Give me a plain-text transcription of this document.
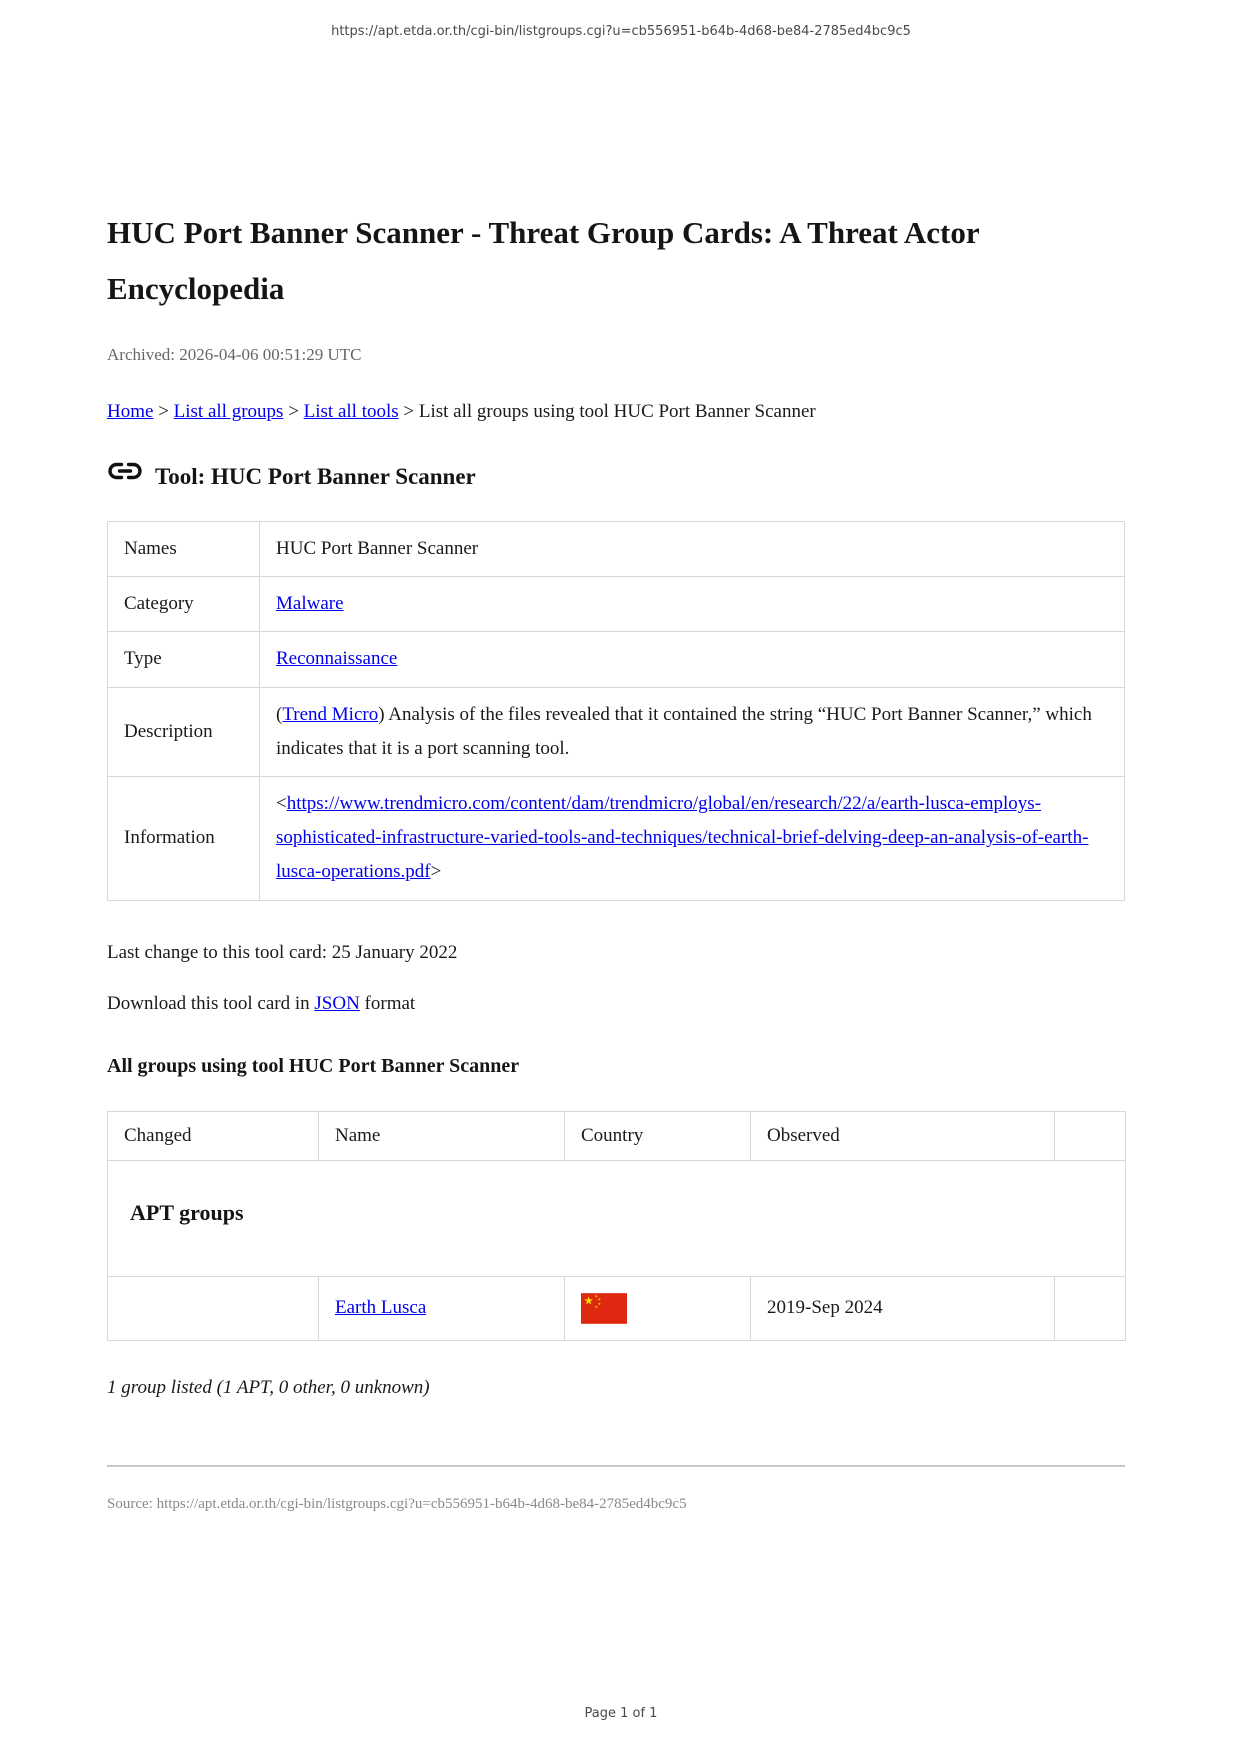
https://apt.etda.or.th/cgi-bin/listgroups.cgi?u=cb556951-b64b-4d68-be84-2785ed4bc9c5
HUC Port Banner Scanner - Threat Group Cards: A Threat Actor Encyclopedia
Archived: 2026-04-06 00:51:29 UTC
Home > List all groups > List all tools > List all groups using tool HUC Port Banner Scanner
Tool: HUC Port Banner Scanner
Names	HUC Port Banner Scanner
Category	Malware
Type	Reconnaissance
Description	(Trend Micro) Analysis of the files revealed that it contained the string “HUC Port Banner Scanner,” which indicates that it is a port scanning tool.
Information	<https://www.trendmicro.com/content/dam/trendmicro/global/en/research/22/a/earth-lusca-employs-sophisticated-infrastructure-varied-tools-and-techniques/technical-brief-delving-deep-an-analysis-of-earth-lusca-operations.pdf>
Last change to this tool card: 25 January 2022
Download this tool card in JSON format
All groups using tool HUC Port Banner Scanner
Changed	Name	Country	Observed	

APT groups				

	Earth Lusca		2019-Sep 2024	
1 group listed (1 APT, 0 other, 0 unknown)
Source: https://apt.etda.or.th/cgi-bin/listgroups.cgi?u=cb556951-b64b-4d68-be84-2785ed4bc9c5
Page 1 of 1
